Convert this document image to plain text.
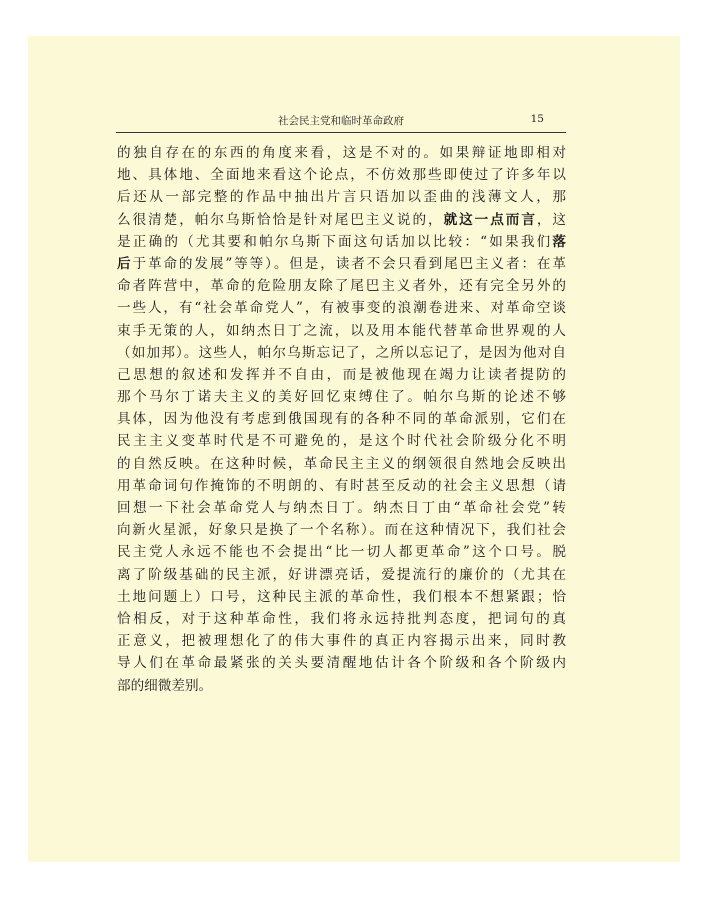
社会民主党和临时革命政府	15
的独自存在的东西的角度来看，这是不对的。如果辩证地即相对
地、具体地、全面地来看这个论点，不仿效那些即使过了许多年以
后还从一部完整的作品中抽出片言只语加以歪曲的浅薄文人，那
么很清楚，帕尔乌斯恰恰是针对尾巴主义说的，就这一点而言，这
是正确的（尤其要和帕尔乌斯下面这句话加以比较：“如果我们落
后于革命的发展”等等）。但是，读者不会只看到尾巴主义者：在革
命者阵营中，革命的危险朋友除了尾巴主义者外，还有完全另外的
一些人，有“社会革命党人”，有被事变的浪潮卷进来、对革命空谈
束手无策的人，如纳杰日丁之流，以及用本能代替革命世界观的人
（如加邦）。这些人，帕尔乌斯忘记了，之所以忘记了，是因为他对自
己思想的叙述和发挥并不自由，而是被他现在竭力让读者提防的
那个马尔丁诺夫主义的美好回忆束缚住了。帕尔乌斯的论述不够
具体，因为他没有考虑到俄国现有的各种不同的革命派别，它们在
民主主义变革时代是不可避免的，是这个时代社会阶级分化不明
的自然反映。在这种时候，革命民主主义的纲领很自然地会反映出
用革命词句作掩饰的不明朗的、有时甚至反动的社会主义思想（请
回想一下社会革命党人与纳杰日丁。纳杰日丁由“革命社会党”转
向新火星派，好象只是换了一个名称）。而在这种情况下，我们社会
民主党人永远不能也不会提出“比一切人都更革命”这个口号。脱
离了阶级基础的民主派，好讲漂亮话，爱提流行的廉价的（尤其在
土地问题上）口号，这种民主派的革命性，我们根本不想紧跟；恰
恰相反，对于这种革命性，我们将永远持批判态度，把词句的真
正意义，把被理想化了的伟大事件的真正内容揭示出来，同时教
导人们在革命最紧张的关头要清醒地估计各个阶级和各个阶级内
部的细微差别。
